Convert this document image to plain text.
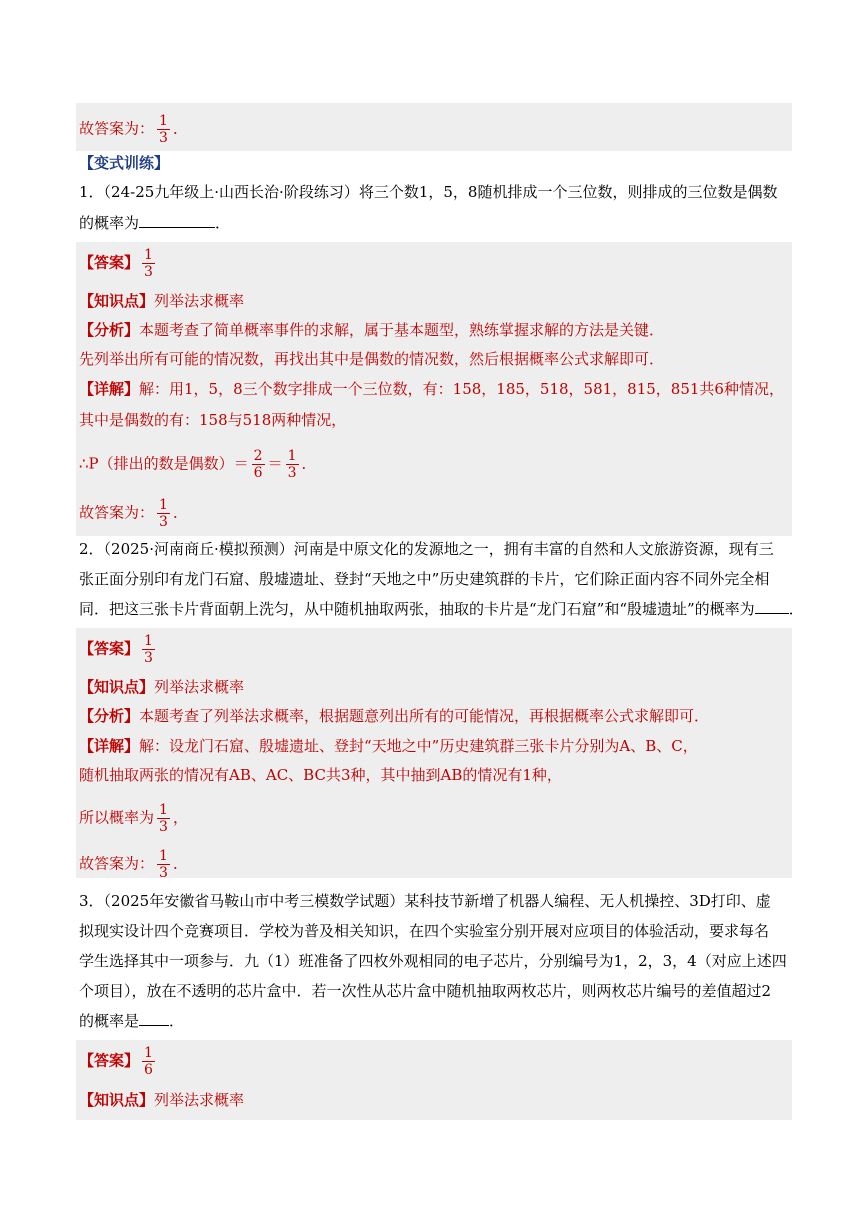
故答案为： $\frac{1}{3}$ ．
【变式训练】
1．（24-25九年级上·山西长治·阶段练习）将三个数1，5，8随机排成一个三位数，则排成的三位数是偶数
的概率为	．
【答案】 $\frac{1}{3}$
【知识点】列举法求概率
【分析】本题考查了简单概率事件的求解，属于基本题型，熟练掌握求解的方法是关键．
先列举出所有可能的情况数，再找出其中是偶数的情况数，然后根据概率公式求解即可．
【详解】解：用1，5，8三个数字排成一个三位数，有：158，185，518，581，815，851共6种情况，
其中是偶数的有：158与518两种情况，
∴P（排出的数是偶数）＝ $\frac{2}{6} = \frac{1}{3}$ ．
故答案为： $\frac{1}{3}$ ．
2．（2025·河南商丘·模拟预测）河南是中原文化的发源地之一，拥有丰富的自然和人文旅游资源，现有三
张正面分别印有龙门石窟、殷墟遗址、登封“天地之中”历史建筑群的卡片，它们除正面内容不同外完全相
同．把这三张卡片背面朝上洗匀，从中随机抽取两张，抽取的卡片是“龙门石窟”和“殷墟遗址”的概率为 ．
【答案】 $\frac{1}{3}$
【知识点】列举法求概率
【分析】本题考查了列举法求概率，根据题意列出所有的可能情况，再根据概率公式求解即可．
【详解】解：设龙门石窟、殷墟遗址、登封“天地之中”历史建筑群三张卡片分别为A、B、C，
随机抽取两张的情况有AB、AC、BC共3种，其中抽到AB的情况有1种，
所以概率为 $\frac{1}{3}$ ，
故答案为： $\frac{1}{3}$ ．
3．（2025年安徽省马鞍山市中考三模数学试题）某科技节新增了机器人编程、无人机操控、3D打印、虚
拟现实设计四个竞赛项目．学校为普及相关知识，在四个实验室分别开展对应项目的体验活动，要求每名
学生选择其中一项参与．九（1）班准备了四枚外观相同的电子芯片，分别编号为1，2，3，4（对应上述四
个项目），放在不透明的芯片盒中．若一次性从芯片盒中随机抽取两枚芯片，则两枚芯片编号的差值超过2
的概率是 ．
【答案】 $\frac{1}{6}$
【知识点】列举法求概率
